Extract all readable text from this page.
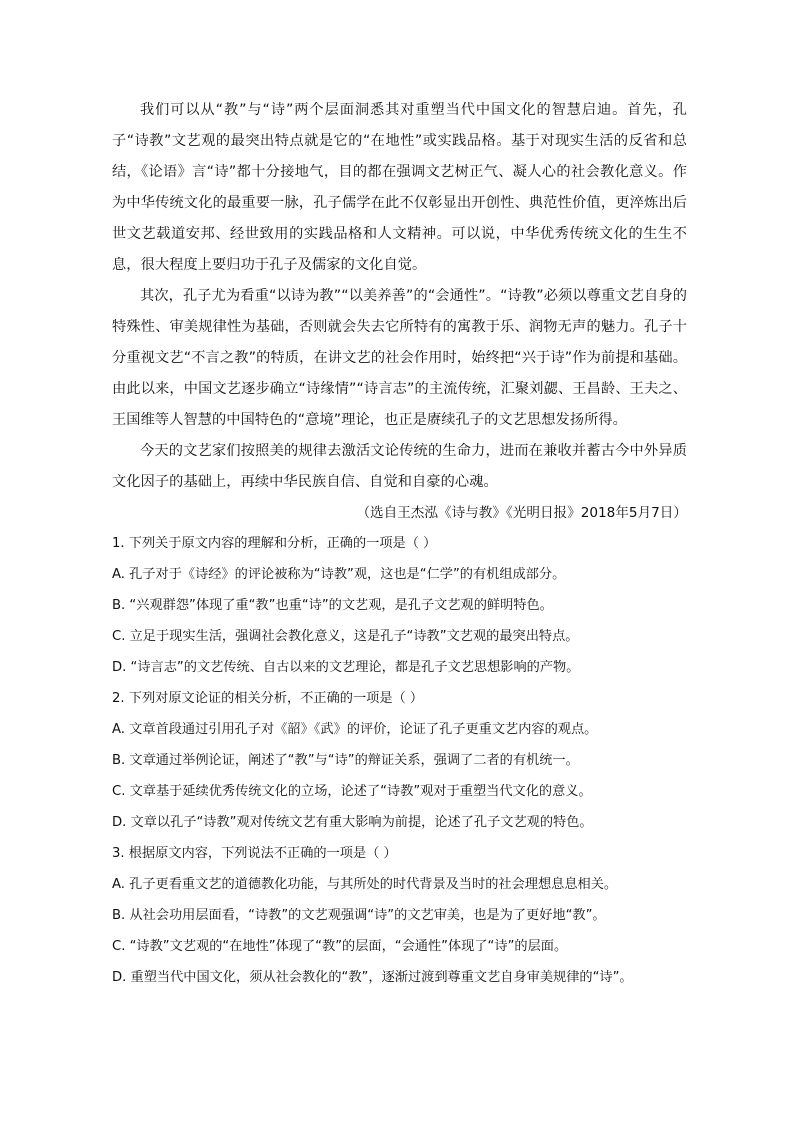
我们可以从“教”与“诗”两个层面洞悉其对重塑当代中国文化的智慧启迪。首先，孔子“诗教”文艺观的最突出特点就是它的“在地性”或实践品格。基于对现实生活的反省和总结，《论语》言“诗”都十分接地气，目的都在强调文艺树正气、凝人心的社会教化意义。作为中华传统文化的最重要一脉，孔子儒学在此不仅彰显出开创性、典范性价值，更淬炼出后世文艺载道安邦、经世致用的实践品格和人文精神。可以说，中华优秀传统文化的生生不息，很大程度上要归功于孔子及儒家的文化自觉。

其次，孔子尤为看重“以诗为教”“以美养善”的“会通性”。“诗教”必须以尊重文艺自身的特殊性、审美规律性为基础，否则就会失去它所特有的寓教于乐、润物无声的魅力。孔子十分重视文艺“不言之教”的特质，在讲文艺的社会作用时，始终把“兴于诗”作为前提和基础。由此以来，中国文艺逐步确立“诗缘情”“诗言志”的主流传统，汇聚刘勰、王昌龄、王夫之、王国维等人智慧的中国特色的“意境”理论，也正是赓续孔子的文艺思想发扬所得。

今天的文艺家们按照美的规律去激活文论传统的生命力，进而在兼收并蓄古今中外异质文化因子的基础上，再续中华民族自信、自觉和自豪的心魂。

（选自王杰泓《诗与教》《光明日报》2018年5月7日）

1. 下列关于原文内容的理解和分析，正确的一项是（ ）

A. 孔子对于《诗经》的评论被称为“诗教”观，这也是“仁学”的有机组成部分。

B. “兴观群怨”体现了重“教”也重“诗”的文艺观，是孔子文艺观的鲜明特色。

C. 立足于现实生活，强调社会教化意义，这是孔子“诗教”文艺观的最突出特点。

D. “诗言志”的文艺传统、自古以来的文艺理论，都是孔子文艺思想影响的产物。

2. 下列对原文论证的相关分析，不正确的一项是（ ）

A. 文章首段通过引用孔子对《韶》《武》的评价，论证了孔子更重文艺内容的观点。

B. 文章通过举例论证，阐述了“教”与“诗”的辩证关系，强调了二者的有机统一。

C. 文章基于延续优秀传统文化的立场，论述了“诗教”观对于重塑当代文化的意义。

D. 文章以孔子“诗教”观对传统文艺有重大影响为前提，论述了孔子文艺观的特色。

3. 根据原文内容，下列说法不正确的一项是（ ）

A. 孔子更看重文艺的道德教化功能，与其所处的时代背景及当时的社会理想息息相关。

B. 从社会功用层面看，“诗教”的文艺观强调“诗”的文艺审美，也是为了更好地“教”。

C. “诗教”文艺观的“在地性”体现了“教”的层面，“会通性”体现了“诗”的层面。

D. 重塑当代中国文化，须从社会教化的“教”，逐渐过渡到尊重文艺自身审美规律的“诗”。
